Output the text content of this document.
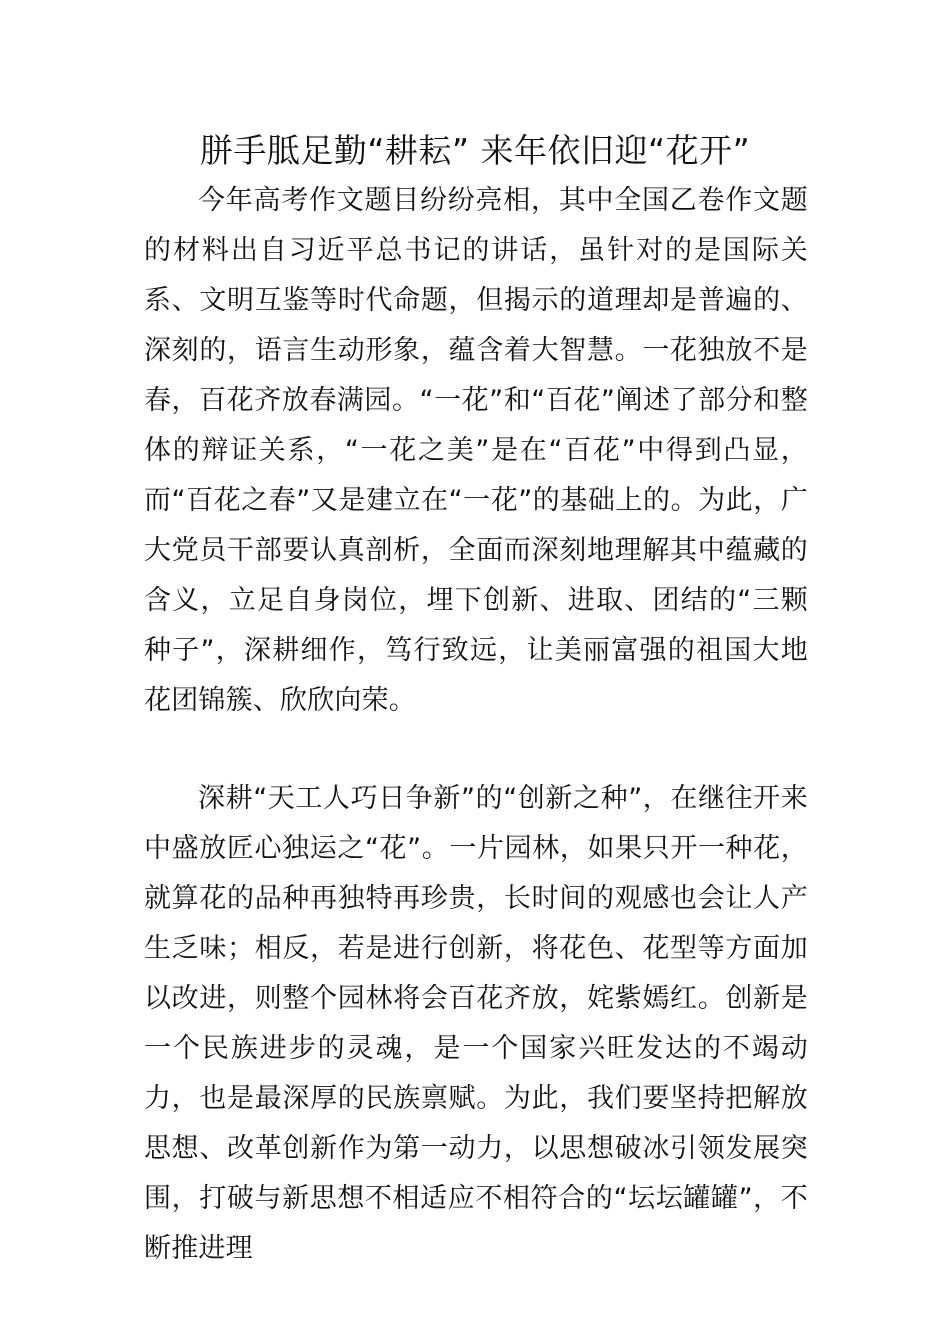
胼手胝足勤“耕耘” 来年依旧迎“花开”

今年高考作文题目纷纷亮相，其中全国乙卷作文题的材料出自习近平总书记的讲话，虽针对的是国际关系、文明互鉴等时代命题，但揭示的道理却是普遍的、深刻的，语言生动形象，蕴含着大智慧。一花独放不是春，百花齐放春满园。“一花”和“百花”阐述了部分和整体的辩证关系，“一花之美”是在“百花”中得到凸显，而“百花之春”又是建立在“一花”的基础上的。为此，广大党员干部要认真剖析，全面而深刻地理解其中蕴藏的含义，立足自身岗位，埋下创新、进取、团结的“三颗种子”，深耕细作，笃行致远，让美丽富强的祖国大地花团锦簇、欣欣向荣。

深耕“天工人巧日争新”的“创新之种”，在继往开来中盛放匠心独运之“花”。一片园林，如果只开一种花，就算花的品种再独特再珍贵，长时间的观感也会让人产生乏味；相反，若是进行创新，将花色、花型等方面加以改进，则整个园林将会百花齐放，姹紫嫣红。创新是一个民族进步的灵魂，是一个国家兴旺发达的不竭动力，也是最深厚的民族禀赋。为此，我们要坚持把解放思想、改革创新作为第一动力，以思想破冰引领发展突围，打破与新思想不相适应不相符合的“坛坛罐罐”，不断推进理
